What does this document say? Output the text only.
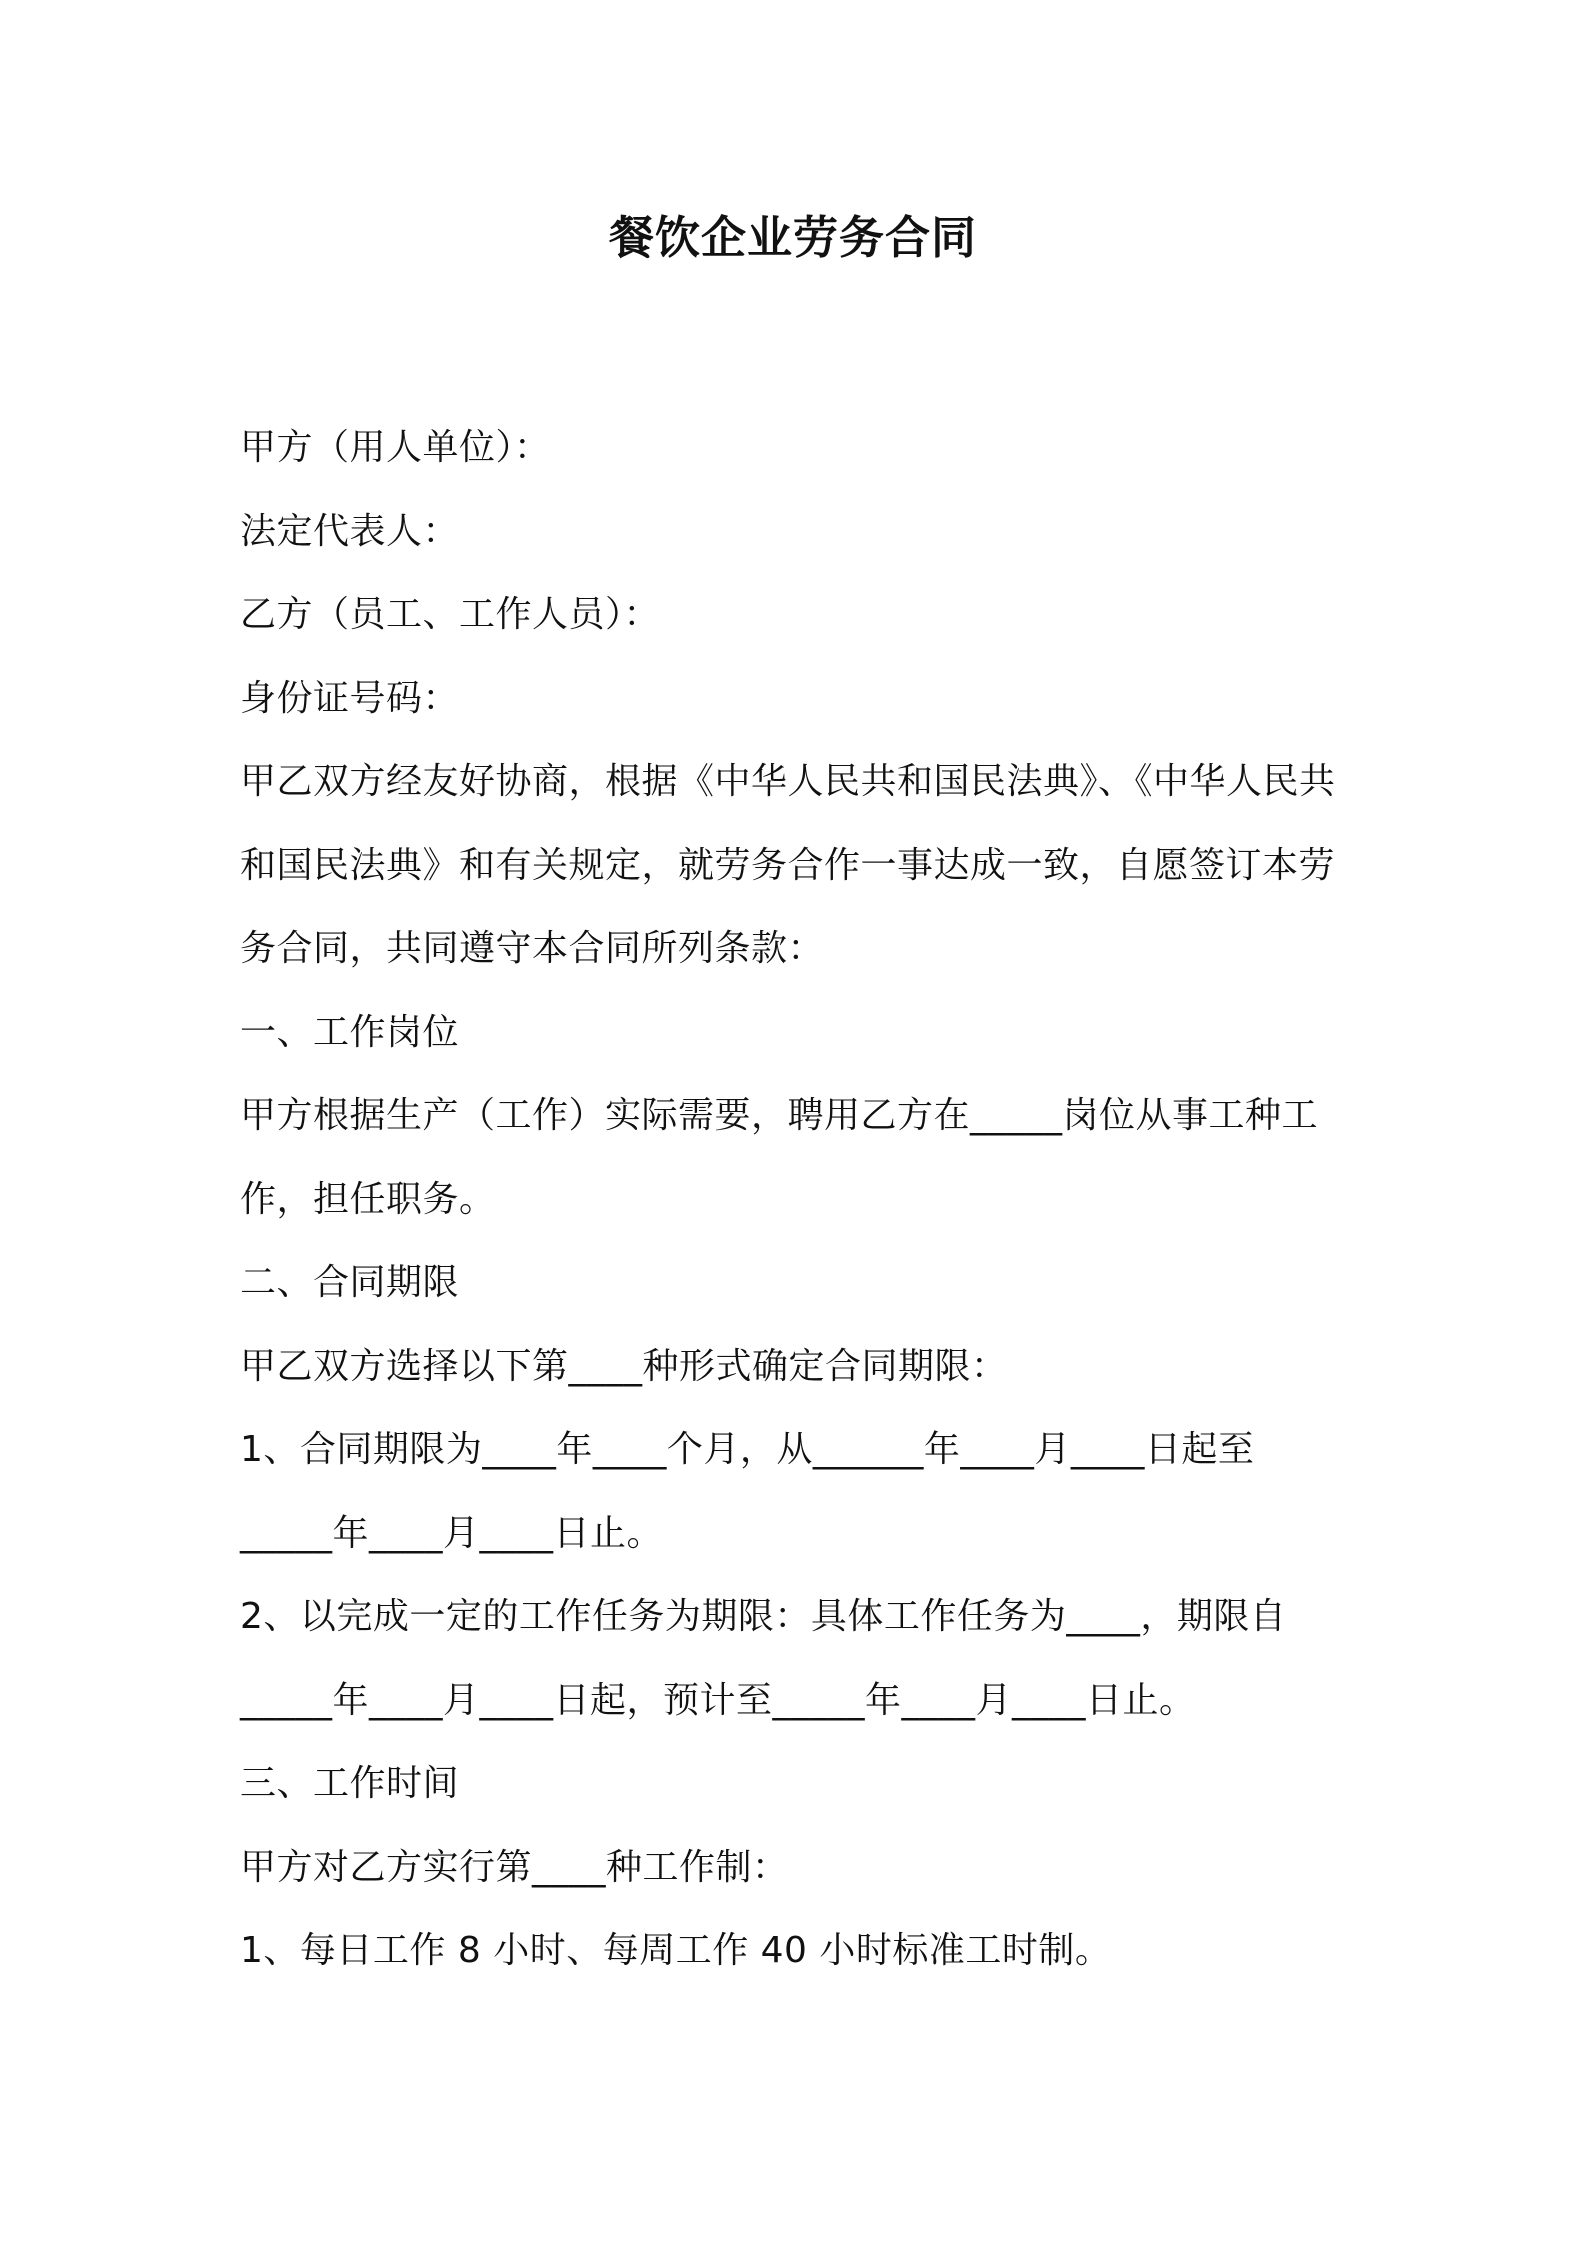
餐饮企业劳务合同
甲方（用人单位）：
法定代表人：
乙方（员工、工作人员）：
身份证号码：
甲乙双方经友好协商，根据《中华人民共和国民法典》、《中华人民共
和国民法典》和有关规定，就劳务合作一事达成一致，自愿签订本劳
务合同，共同遵守本合同所列条款：
一、工作岗位
甲方根据生产（工作）实际需要，聘用乙方在_____岗位从事工种工
作，担任职务。
二、合同期限
甲乙双方选择以下第____种形式确定合同期限：
1、合同期限为____年____个月，从______年____月____日起至
_____年____月____日止。
2、以完成一定的工作任务为期限：具体工作任务为____，期限自
_____年____月____日起，预计至_____年____月____日止。
三、工作时间
甲方对乙方实行第____种工作制：
1、每日工作 8 小时、每周工作 40 小时标准工时制。
